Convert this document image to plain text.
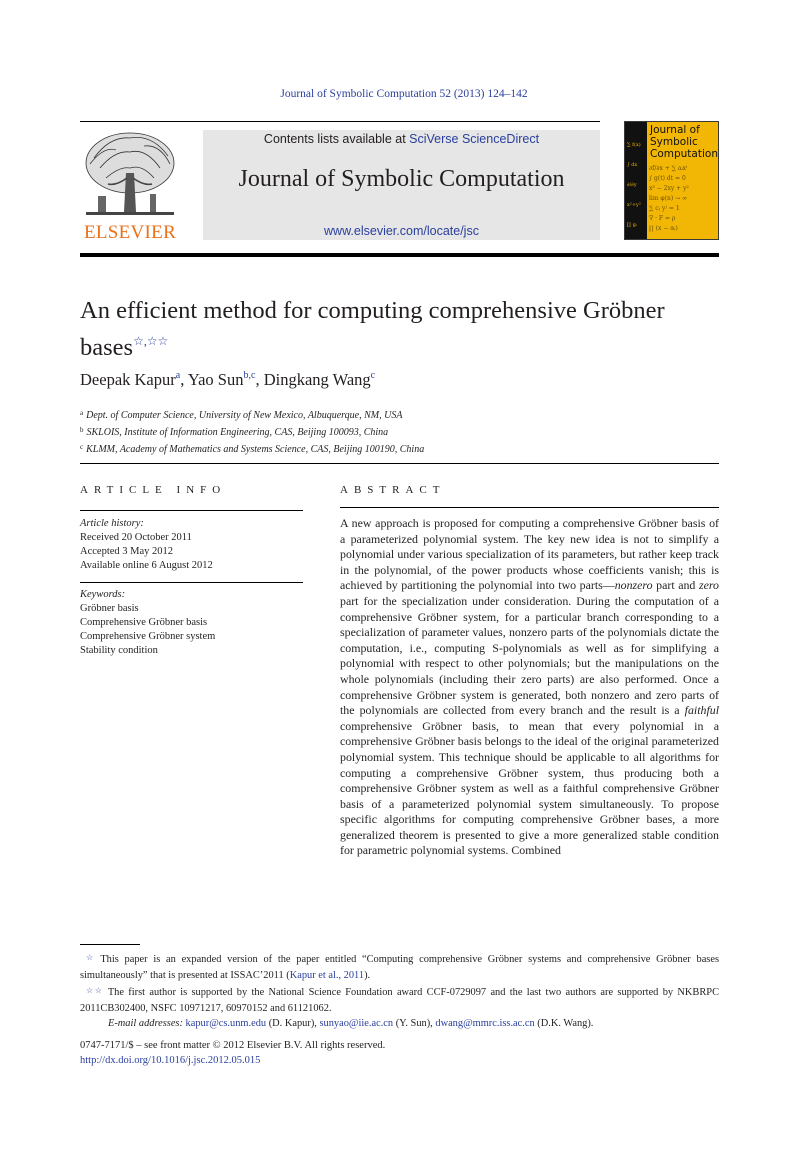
Journal of Symbolic Computation 52 (2013) 124–142
ELSEVIER
Contents lists available at SciVerse ScienceDirect
Journal of Symbolic Computation
www.elsevier.com/locate/jsc
∑ f(x)
∫ dx
∂/∂y
x²+y²
∏ gᵢ
Journal of
Symbolic
Computation
∂f/∂x + ∑ aᵢxⁱ
∫ g(t) dt = 0
x³ − 2xy + y²
lim φ(n) → ∞
∑ cⱼ yʲ = 1
∇ · F = ρ
∏ (x − αᵢ)
An efficient method for computing comprehensive Gröbner
bases☆,☆☆
Deepak Kapur$^a$, Yao Sun$^{b,c}$, Dingkang Wang$^c$
$^a$ Dept. of Computer Science, University of New Mexico, Albuquerque, NM, USA
$^b$ SKLOIS, Institute of Information Engineering, CAS, Beijing 100093, China
$^c$ KLMM, Academy of Mathematics and Systems Science, CAS, Beijing 100190, China
ARTICLE INFO
Article history:
Received 20 October 2011
Accepted 3 May 2012
Available online 6 August 2012
Keywords:
Gröbner basis
Comprehensive Gröbner basis
Comprehensive Gröbner system
Stability condition
ABSTRACT
A new approach is proposed for computing a comprehensive Gröbner basis of a parameterized polynomial system. The key new idea is not to simplify a polynomial under various specialization of its parameters, but rather keep track in the polynomial, of the power products whose coefficients vanish; this is achieved by partitioning the polynomial into two parts—nonzero part and zero part for the specialization under consideration. During the computation of a comprehensive Gröbner system, for a particular branch corresponding to a specialization of parameter values, nonzero parts of the polynomials dictate the computation, i.e., computing S-polynomials as well as for simplifying a polynomial with respect to other polynomials; but the manipulations on the whole polynomials (including their zero parts) are also performed. Once a comprehensive Gröbner system is generated, both nonzero and zero parts of the polynomials are collected from every branch and the result is a faithful comprehensive Gröbner basis, to mean that every polynomial in a comprehensive Gröbner basis belongs to the ideal of the original parameterized polynomial system. This technique should be applicable to all algorithms for computing a comprehensive Gröbner system, thus producing both a comprehensive Gröbner system as well as a faithful comprehensive Gröbner basis of a parameterized polynomial system simultaneously. To propose specific algorithms for computing comprehensive Gröbner bases, a more generalized theorem is presented to give a more generalized stable condition for parametric polynomial systems. Combined

☆ This paper is an expanded version of the paper entitled “Computing comprehensive Gröbner systems and comprehensive Gröbner bases simultaneously” that is presented at ISSAC’2011 (Kapur et al., 2011).

☆☆ The first author is supported by the National Science Foundation award CCF-0729097 and the last two authors are supported by NKBRPC 2011CB302400, NSFC 10971217, 60970152 and 61121062.

E-mail addresses: kapur@cs.unm.edu (D. Kapur), sunyao@iie.ac.cn (Y. Sun), dwang@mmrc.iss.ac.cn (D.K. Wang).

0747-7171/$ – see front matter © 2012 Elsevier B.V. All rights reserved.
http://dx.doi.org/10.1016/j.jsc.2012.05.015
